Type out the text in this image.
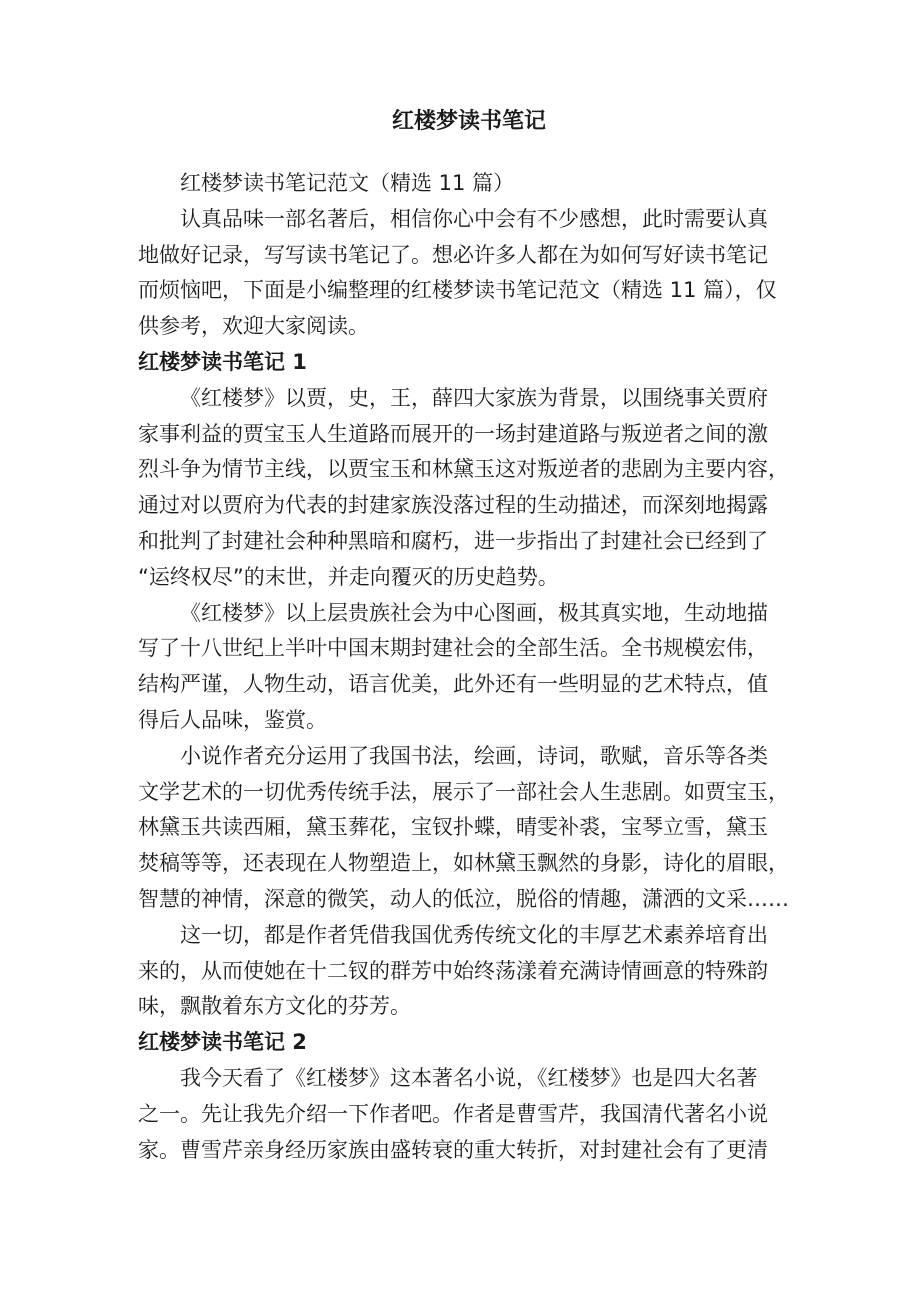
红楼梦读书笔记
红楼梦读书笔记范文（精选 11 篇）
认真品味一部名著后，相信你心中会有不少感想，此时需要认真
地做好记录，写写读书笔记了。想必许多人都在为如何写好读书笔记
而烦恼吧，下面是小编整理的红楼梦读书笔记范文（精选 11 篇），仅
供参考，欢迎大家阅读。
红楼梦读书笔记 1
《红楼梦》以贾，史，王，薛四大家族为背景，以围绕事关贾府
家事利益的贾宝玉人生道路而展开的一场封建道路与叛逆者之间的激
烈斗争为情节主线，以贾宝玉和林黛玉这对叛逆者的悲剧为主要内容，
通过对以贾府为代表的封建家族没落过程的生动描述，而深刻地揭露
和批判了封建社会种种黑暗和腐朽，进一步指出了封建社会已经到了
“运终权尽”的末世，并走向覆灭的历史趋势。
《红楼梦》以上层贵族社会为中心图画，极其真实地，生动地描
写了十八世纪上半叶中国末期封建社会的全部生活。全书规模宏伟，
结构严谨，人物生动，语言优美，此外还有一些明显的艺术特点，值
得后人品味，鉴赏。
小说作者充分运用了我国书法，绘画，诗词，歌赋，音乐等各类
文学艺术的一切优秀传统手法，展示了一部社会人生悲剧。如贾宝玉，
林黛玉共读西厢，黛玉葬花，宝钗扑蝶，晴雯补裘，宝琴立雪，黛玉
焚稿等等，还表现在人物塑造上，如林黛玉飘然的身影，诗化的眉眼，
智慧的神情，深意的微笑，动人的低泣，脱俗的情趣，潇洒的文采……
这一切，都是作者凭借我国优秀传统文化的丰厚艺术素养培育出
来的，从而使她在十二钗的群芳中始终荡漾着充满诗情画意的特殊韵
味，飘散着东方文化的芬芳。
红楼梦读书笔记 2
我今天看了《红楼梦》这本著名小说，《红楼梦》也是四大名著
之一。先让我先介绍一下作者吧。作者是曹雪芹，我国清代著名小说
家。曹雪芹亲身经历家族由盛转衰的重大转折，对封建社会有了更清
